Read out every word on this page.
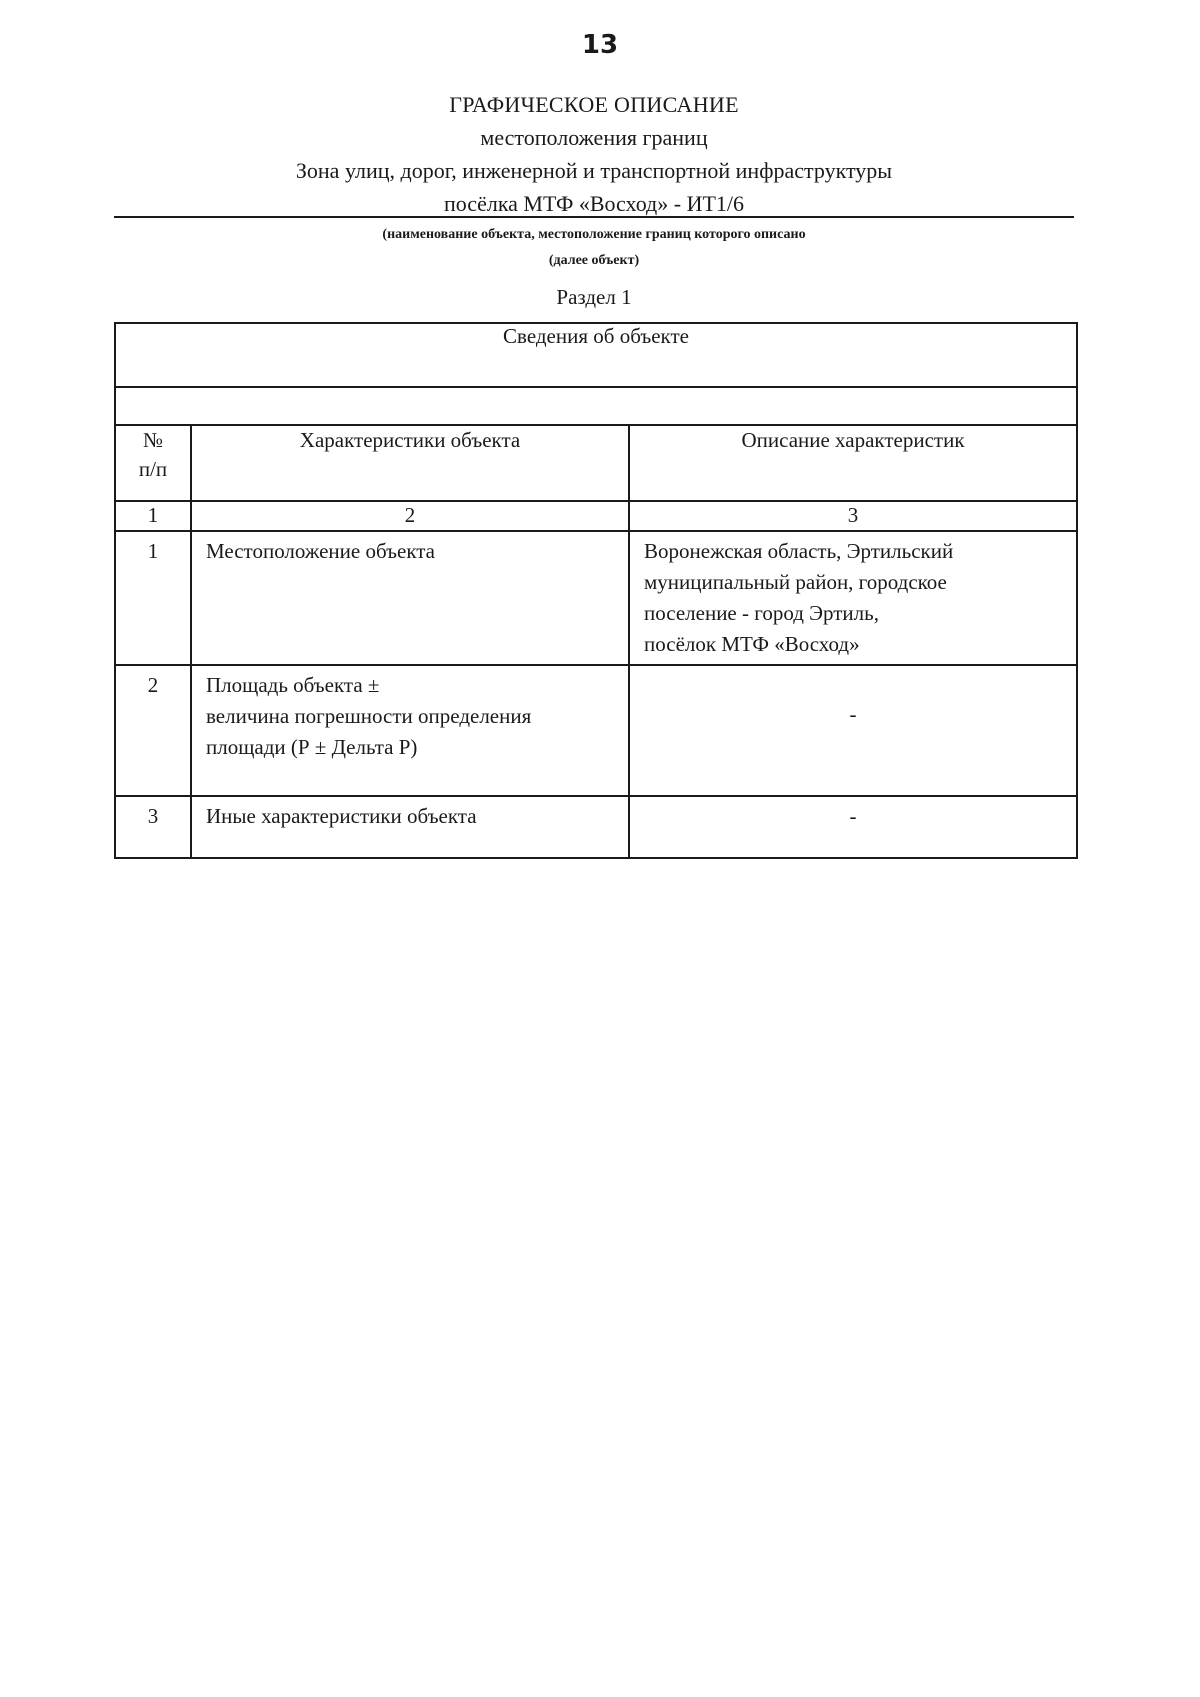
13
ГРАФИЧЕСКОЕ ОПИСАНИЕ
местоположения границ
Зона улиц, дорог, инженерной и транспортной инфраструктуры
посёлка МТФ «Восход» - ИТ1/6
(наименование объекта, местоположение границ которого описано
(далее объект)
Раздел 1
Сведения об объекте		

№
п/п	Характеристики объекта	Описание характеристик
1	2	3
1	Местоположение объекта	Воронежская область, Эртильский
муниципальный район, городское
поселение - город Эртиль,
посёлок МТФ «Восход»

2	Площадь объекта ±
величина погрешности определения
площади (Р ± Дельта Р)	-

3	Иные характеристики объекта	-
